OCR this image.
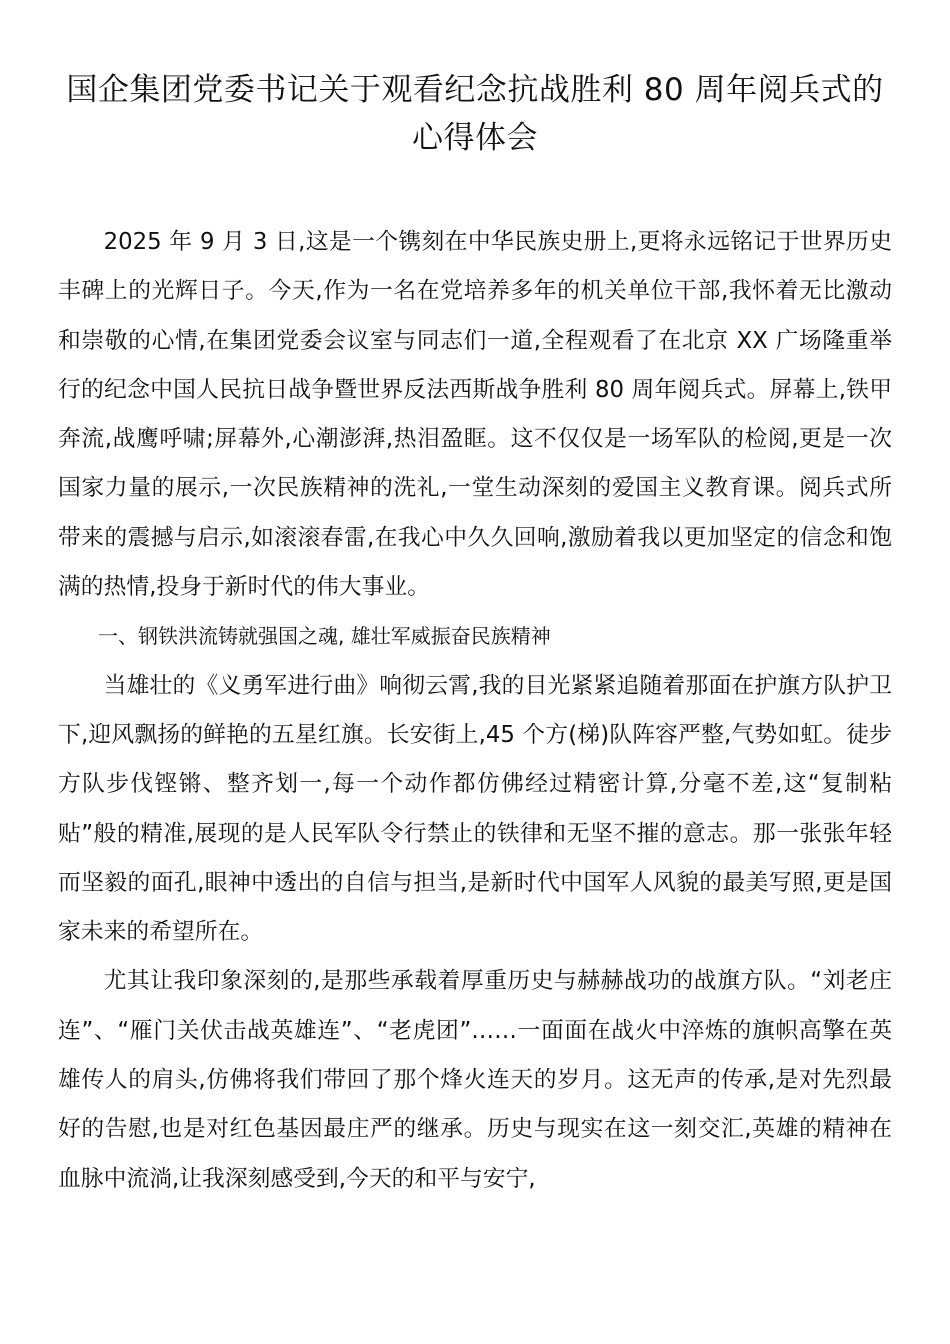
国企集团党委书记关于观看纪念抗战胜利 80 周年阅兵式的心得体会

2025 年 9 月 3 日,这是一个镌刻在中华民族史册上,更将永远铭记于世界历史丰碑上的光辉日子。今天,作为一名在党培养多年的机关单位干部,我怀着无比激动和崇敬的心情,在集团党委会议室与同志们一道,全程观看了在北京 XX 广场隆重举行的纪念中国人民抗日战争暨世界反法西斯战争胜利 80 周年阅兵式。屏幕上,铁甲奔流,战鹰呼啸;屏幕外,心潮澎湃,热泪盈眶。这不仅仅是一场军队的检阅,更是一次国家力量的展示,一次民族精神的洗礼,一堂生动深刻的爱国主义教育课。阅兵式所带来的震撼与启示,如滚滚春雷,在我心中久久回响,激励着我以更加坚定的信念和饱满的热情,投身于新时代的伟大事业。

一、钢铁洪流铸就强国之魂, 雄壮军威振奋民族精神

当雄壮的《义勇军进行曲》响彻云霄,我的目光紧紧追随着那面在护旗方队护卫下,迎风飘扬的鲜艳的五星红旗。长安街上,45 个方(梯)队阵容严整,气势如虹。徒步方队步伐铿锵、整齐划一,每一个动作都仿佛经过精密计算,分毫不差,这“复制粘贴”般的精准,展现的是人民军队令行禁止的铁律和无坚不摧的意志。那一张张年轻而坚毅的面孔,眼神中透出的自信与担当,是新时代中国军人风貌的最美写照,更是国家未来的希望所在。

尤其让我印象深刻的,是那些承载着厚重历史与赫赫战功的战旗方队。“刘老庄连”、“雁门关伏击战英雄连”、“老虎团”……一面面在战火中淬炼的旗帜高擎在英雄传人的肩头,仿佛将我们带回了那个烽火连天的岁月。这无声的传承,是对先烈最好的告慰,也是对红色基因最庄严的继承。历史与现实在这一刻交汇,英雄的精神在血脉中流淌,让我深刻感受到,今天的和平与安宁,
